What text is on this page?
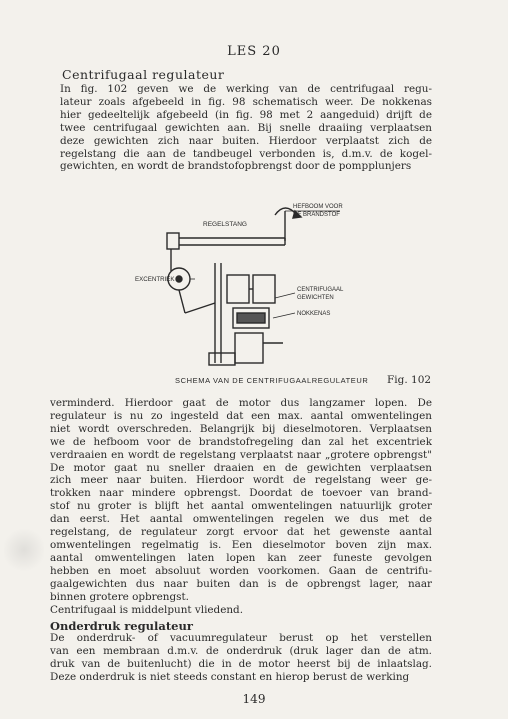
LES 20
Centrifugaal regulateur
In fig. 102 geven we de werking van de centrifugaal regu-
lateur zoals afgebeeld in fig. 98 schematisch weer. De nokkenas
hier gedeeltelijk afgebeeld (in fig. 98 met 2 aangeduid) drijft de
twee centrifugaal gewichten aan. Bij snelle draaiing verplaatsen
deze gewichten zich naar buiten. Hierdoor verplaatst zich de
regelstang die aan de tandbeugel verbonden is, d.m.v. de kogel-
gewichten, en wordt de brandstofopbrengst door de pompplunjers
REGELSTANG
HEFBOOM VOOR
DE BRANDSTOF
EXCENTRIEK
CENTRIFUGAAL
GEWICHTEN
NOKKENAS
SCHEMA VAN DE CENTRIFUGAALREGULATEUR Fig. 102
verminderd. Hierdoor gaat de motor dus langzamer lopen. De
regulateur is nu zo ingesteld dat een max. aantal omwentelingen
niet wordt overschreden. Belangrijk bij dieselmotoren. Verplaatsen
we de hefboom voor de brandstofregeling dan zal het excentriek
verdraaien en wordt de regelstang verplaatst naar „grotere opbrengst"
De motor gaat nu sneller draaien en de gewichten verplaatsen
zich meer naar buiten. Hierdoor wordt de regelstang weer ge-
trokken naar mindere opbrengst. Doordat de toevoer van brand-
stof nu groter is blijft het aantal omwentelingen natuurlijk groter
dan eerst. Het aantal omwentelingen regelen we dus met de
regelstang, de regulateur zorgt ervoor dat het gewenste aantal
omwentelingen regelmatig is. Een dieselmotor boven zijn max.
aantal omwentelingen laten lopen kan zeer funeste gevolgen
hebben en moet absoluut worden voorkomen. Gaan de centrifu-
gaalgewichten dus naar buiten dan is de opbrengst lager, naar
binnen grotere opbrengst.
Centrifugaal is middelpunt vliedend.
Onderdruk regulateur
De onderdruk- of vacuumregulateur berust op het verstellen
van een membraan d.m.v. de onderdruk (druk lager dan de atm.
druk van de buitenlucht) die in de motor heerst bij de inlaatslag.
Deze onderdruk is niet steeds constant en hierop berust de werking
149
